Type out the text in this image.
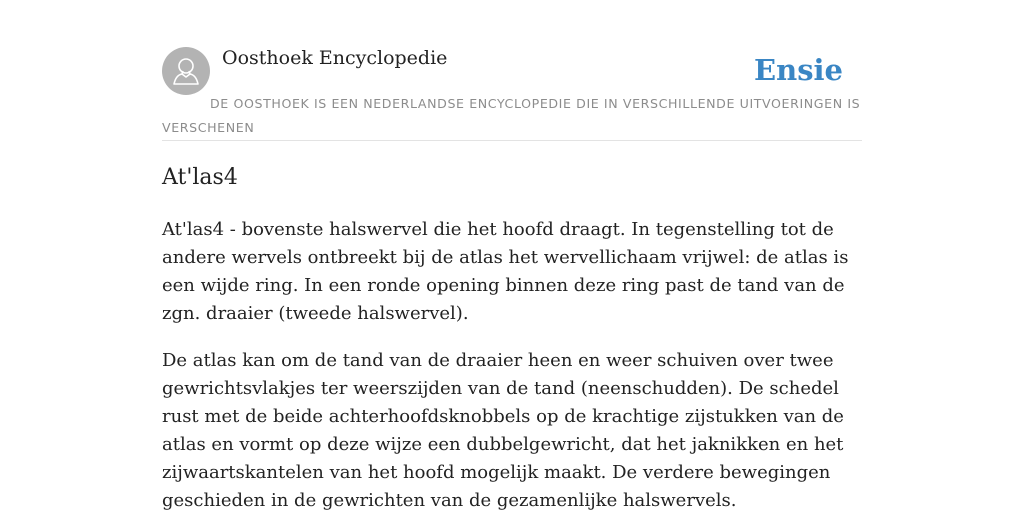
Oosthoek Encyclopedie	Ensie

DE OOSTHOEK IS EEN NEDERLANDSE ENCYCLOPEDIE DIE IN VERSCHILLENDE UITVOERINGEN IS VERSCHENEN

At'las4

At'las4 - bovenste halswervel die het hoofd draagt. In tegenstelling tot de andere wervels ontbreekt bij de atlas het wervellichaam vrijwel: de atlas is een wijde ring. In een ronde opening binnen deze ring past de tand van de zgn. draaier (tweede halswervel).

De atlas kan om de tand van de draaier heen en weer schuiven over twee gewrichtsvlakjes ter weerszijden van de tand (neenschudden). De schedel rust met de beide achterhoofdsknobbels op de krachtige zijstukken van de atlas en vormt op deze wijze een dubbelgewricht, dat het jaknikken en het zijwaartskantelen van het hoofd mogelijk maakt. De verdere bewegingen geschieden in de gewrichten van de gezamenlijke halswervels.
